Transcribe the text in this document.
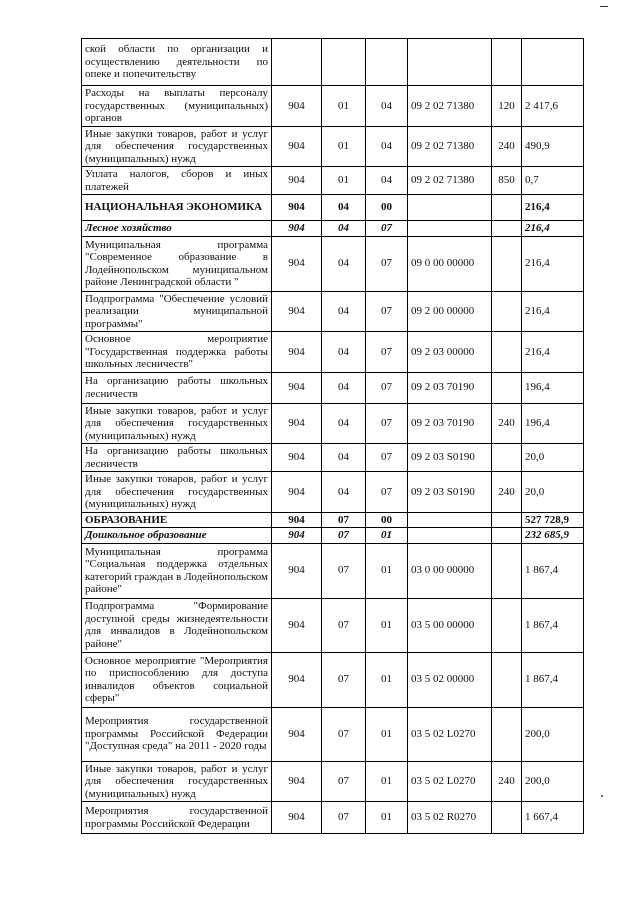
ской области по организации и осуществлению деятельности по опеке и попечительству						
Расходы на выплаты персоналу государственных (муниципальных) органов	904	01	04	09 2 02 71380	120	2 417,6
Иные закупки товаров, работ и услуг для обеспечения государственных (муниципальных) нужд	904	01	04	09 2 02 71380	240	490,9
Уплата налогов, сборов и иных платежей	904	01	04	09 2 02 71380	850	0,7
НАЦИОНАЛЬНАЯ ЭКОНОМИКА	904	04	00			216,4
Лесное хозяйство	904	04	07			216,4
Муниципальная программа "Современное образование в Лодейнопольском муниципальном районе Ленинградской области "	904	04	07	09 0 00 00000		216,4
Подпрограмма "Обеспечение условий реализации муниципальной программы"	904	04	07	09 2 00 00000		216,4
Основное мероприятие "Государственная поддержка работы школьных лесничеств"	904	04	07	09 2 03 00000		216,4
На организацию работы школьных лесничеств	904	04	07	09 2 03 70190		196,4
Иные закупки товаров, работ и услуг для обеспечения государственных (муниципальных) нужд	904	04	07	09 2 03 70190	240	196,4
На организацию работы школьных лесничеств	904	04	07	09 2 03 S0190		20,0
Иные закупки товаров, работ и услуг для обеспечения государственных (муниципальных) нужд	904	04	07	09 2 03 S0190	240	20,0
ОБРАЗОВАНИЕ	904	07	00			527 728,9
Дошкольное образование	904	07	01			232 685,9
Муниципальная программа "Социальная поддержка отдельных категорий граждан в Лодейнопольском районе"	904	07	01	03 0 00 00000		1 867,4
Подпрограмма "Формирование доступной среды жизнедеятельности для инвалидов в Лодейнопольском районе"	904	07	01	03 5 00 00000		1 867,4
Основное мероприятие "Мероприятия по приспособлению для доступа инвалидов объектов социальной сферы"	904	07	01	03 5 02 00000		1 867,4
Мероприятия государственной программы Российской Федерации "Доступная среда" на 2011 - 2020 годы	904	07	01	03 5 02 L0270		200,0
Иные закупки товаров, работ и услуг для обеспечения государственных (муниципальных) нужд	904	07	01	03 5 02 L0270	240	200,0
Мероприятия государственной программы Российской Федерации	904	07	01	03 5 02 R0270		1 667,4
